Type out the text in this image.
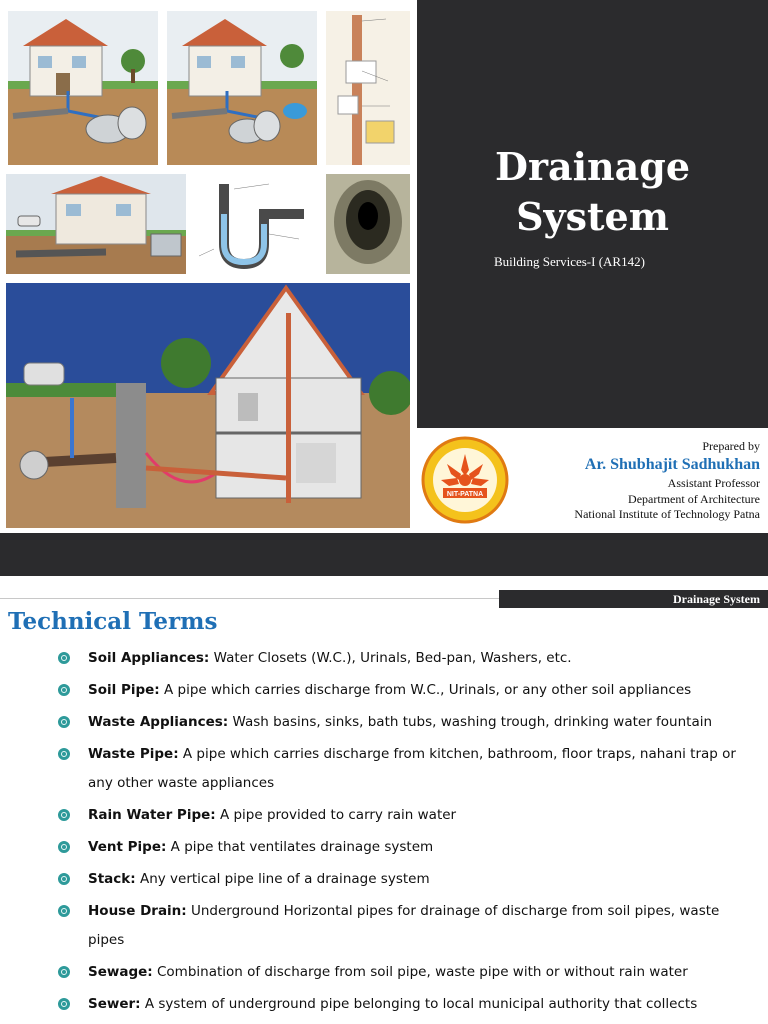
Drainage
System
Building Services-I (AR142)
NIT-PATNA
Prepared by
Ar. Shubhajit Sadhukhan
Assistant Professor
Department of Architecture
National Institute of Technology Patna
Drainage System
Technical Terms
Soil Appliances: Water Closets (W.C.), Urinals, Bed-pan, Washers, etc.
Soil Pipe: A pipe which carries discharge from W.C., Urinals, or any other soil appliances
Waste Appliances: Wash basins, sinks, bath tubs, washing trough, drinking water fountain
Waste Pipe: A pipe which carries discharge from kitchen, bathroom, floor traps, nahani trap or any other waste appliances
Rain Water Pipe: A pipe provided to carry rain water
Vent Pipe: A pipe that ventilates drainage system
Stack: Any vertical pipe line of a drainage system
House Drain: Underground Horizontal pipes for drainage of discharge from soil pipes, waste pipes
Sewage: Combination of discharge from soil pipe, waste pipe with or without rain water
Sewer: A system of underground pipe belonging to local municipal authority that collects
